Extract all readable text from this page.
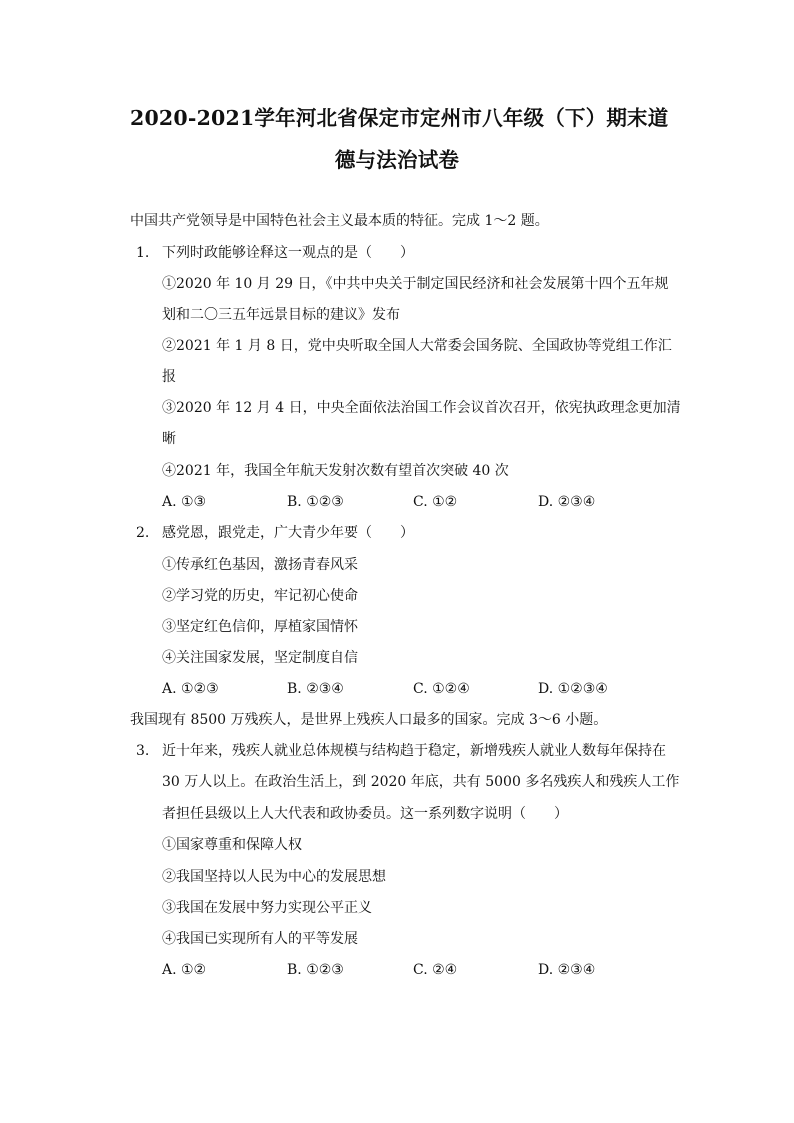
2020-2021学年河北省保定市定州市八年级（下）期末道
德与法治试卷
中国共产党领导是中国特色社会主义最本质的特征。完成 1～2 题。
1. 下列时政能够诠释这一观点的是（　　）
①2020 年 10 月 29 日，《中共中央关于制定国民经济和社会发展第十四个五年规
划和二〇三五年远景目标的建议》发布
②2021 年 1 月 8 日，党中央听取全国人大常委会国务院、全国政协等党组工作汇
报
③2020 年 12 月 4 日，中央全面依法治国工作会议首次召开，依宪执政理念更加清
晰
④2021 年，我国全年航天发射次数有望首次突破 40 次
A. ①③	B. ①②③	C. ①②	D. ②③④
2. 感党恩，跟党走，广大青少年要（　　）
①传承红色基因，激扬青春风采
②学习党的历史，牢记初心使命
③坚定红色信仰，厚植家国情怀
④关注国家发展，坚定制度自信
A. ①②③	B. ②③④	C. ①②④	D. ①②③④
我国现有 8500 万残疾人，是世界上残疾人口最多的国家。完成 3～6 小题。
3. 近十年来，残疾人就业总体规模与结构趋于稳定，新增残疾人就业人数每年保持在
30 万人以上。在政治生活上，到 2020 年底，共有 5000 多名残疾人和残疾人工作
者担任县级以上人大代表和政协委员。这一系列数字说明（　　）
①国家尊重和保障人权
②我国坚持以人民为中心的发展思想
③我国在发展中努力实现公平正义
④我国已实现所有人的平等发展
A. ①②	B. ①②③	C. ②④	D. ②③④
